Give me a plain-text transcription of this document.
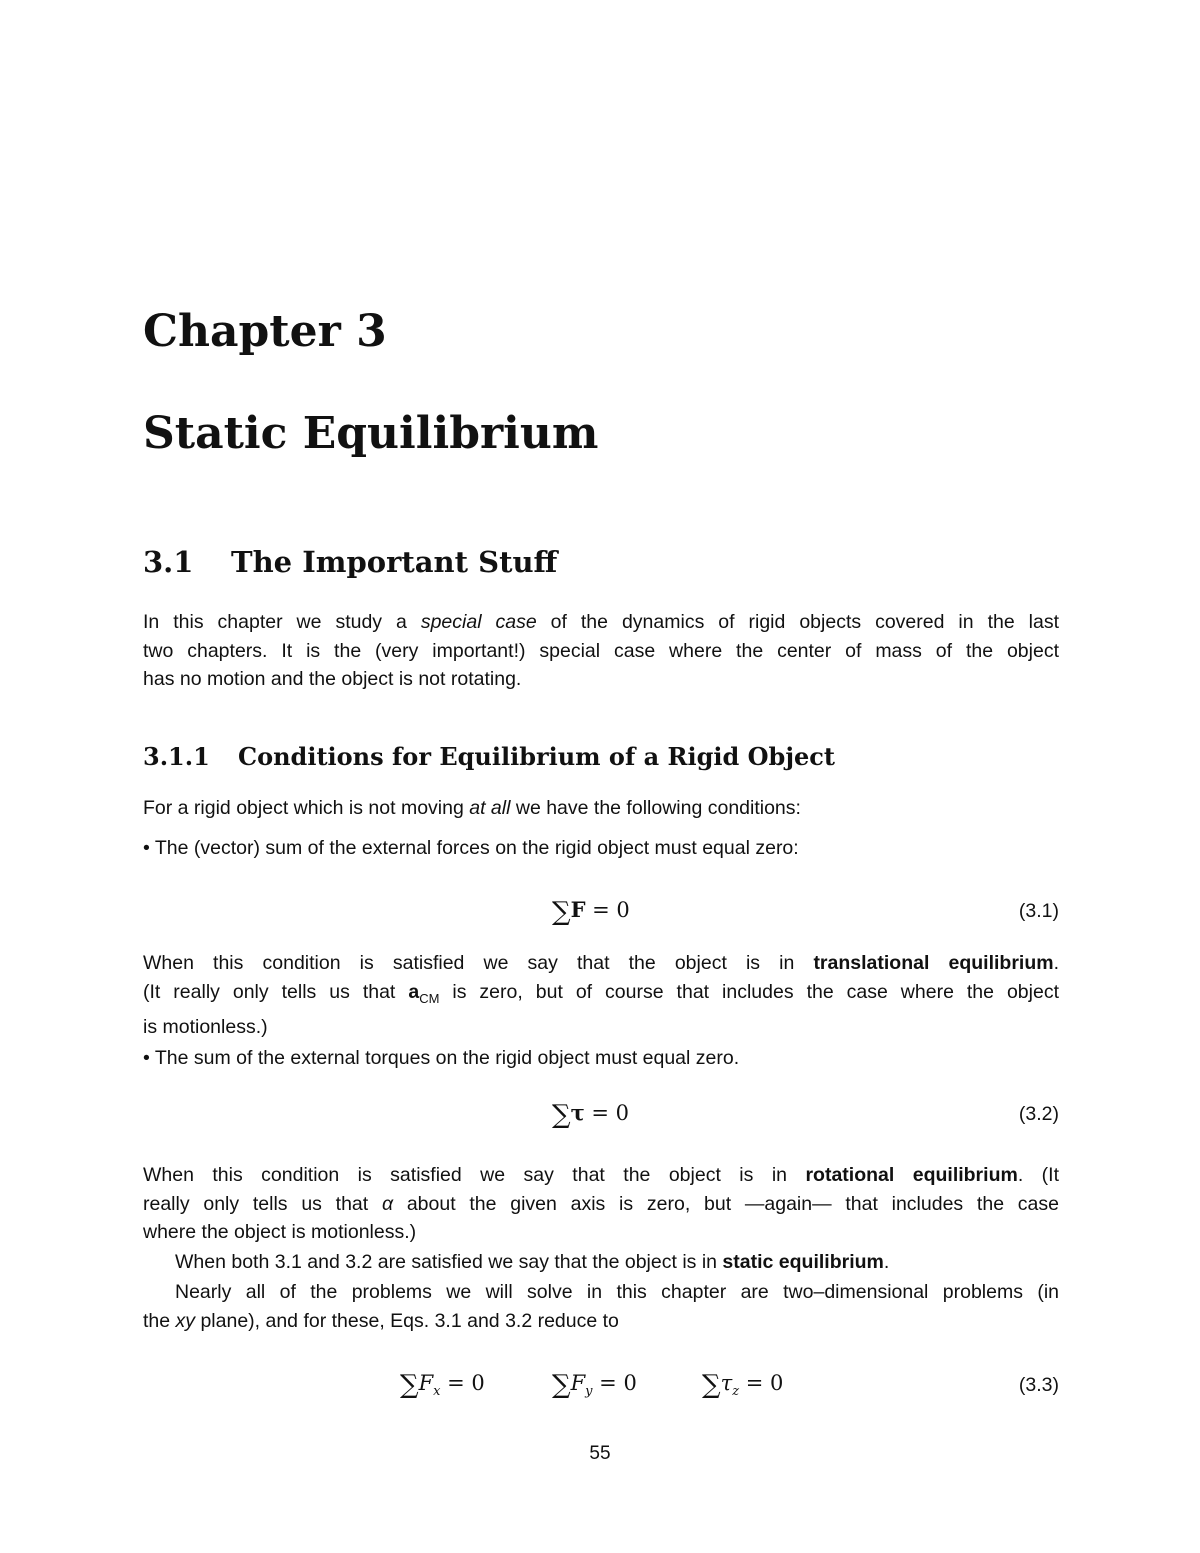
Chapter 3
Static Equilibrium
3.1 The Important Stuff
In this chapter we study a special case of the dynamics of rigid objects covered in the last
two chapters. It is the (very important!) special case where the center of mass of the object
has no motion and the object is not rotating.
3.1.1 Conditions for Equilibrium of a Rigid Object
For a rigid object which is not moving at all we have the following conditions:
• The (vector) sum of the external forces on the rigid object must equal zero:
∑F = 0	(3.1)
When this condition is satisfied we say that the object is in translational equilibrium.
(It really only tells us that $a_{CM}$ is zero, but of course that includes the case where the object
is motionless.)
• The sum of the external torques on the rigid object must equal zero.
∑τ = 0	(3.2)
When this condition is satisfied we say that the object is in rotational equilibrium. (It
really only tells us that α about the given axis is zero, but —again— that includes the case
where the object is motionless.)
When both 3.1 and 3.2 are satisfied we say that the object is in static equilibrium.
Nearly all of the problems we will solve in this chapter are two–dimensional problems (in
the xy plane), and for these, Eqs. 3.1 and 3.2 reduce to
$\sum F_x = 0$	$\sum F_y = 0$	$\sum\tau_z = 0$	(3.3)
55
